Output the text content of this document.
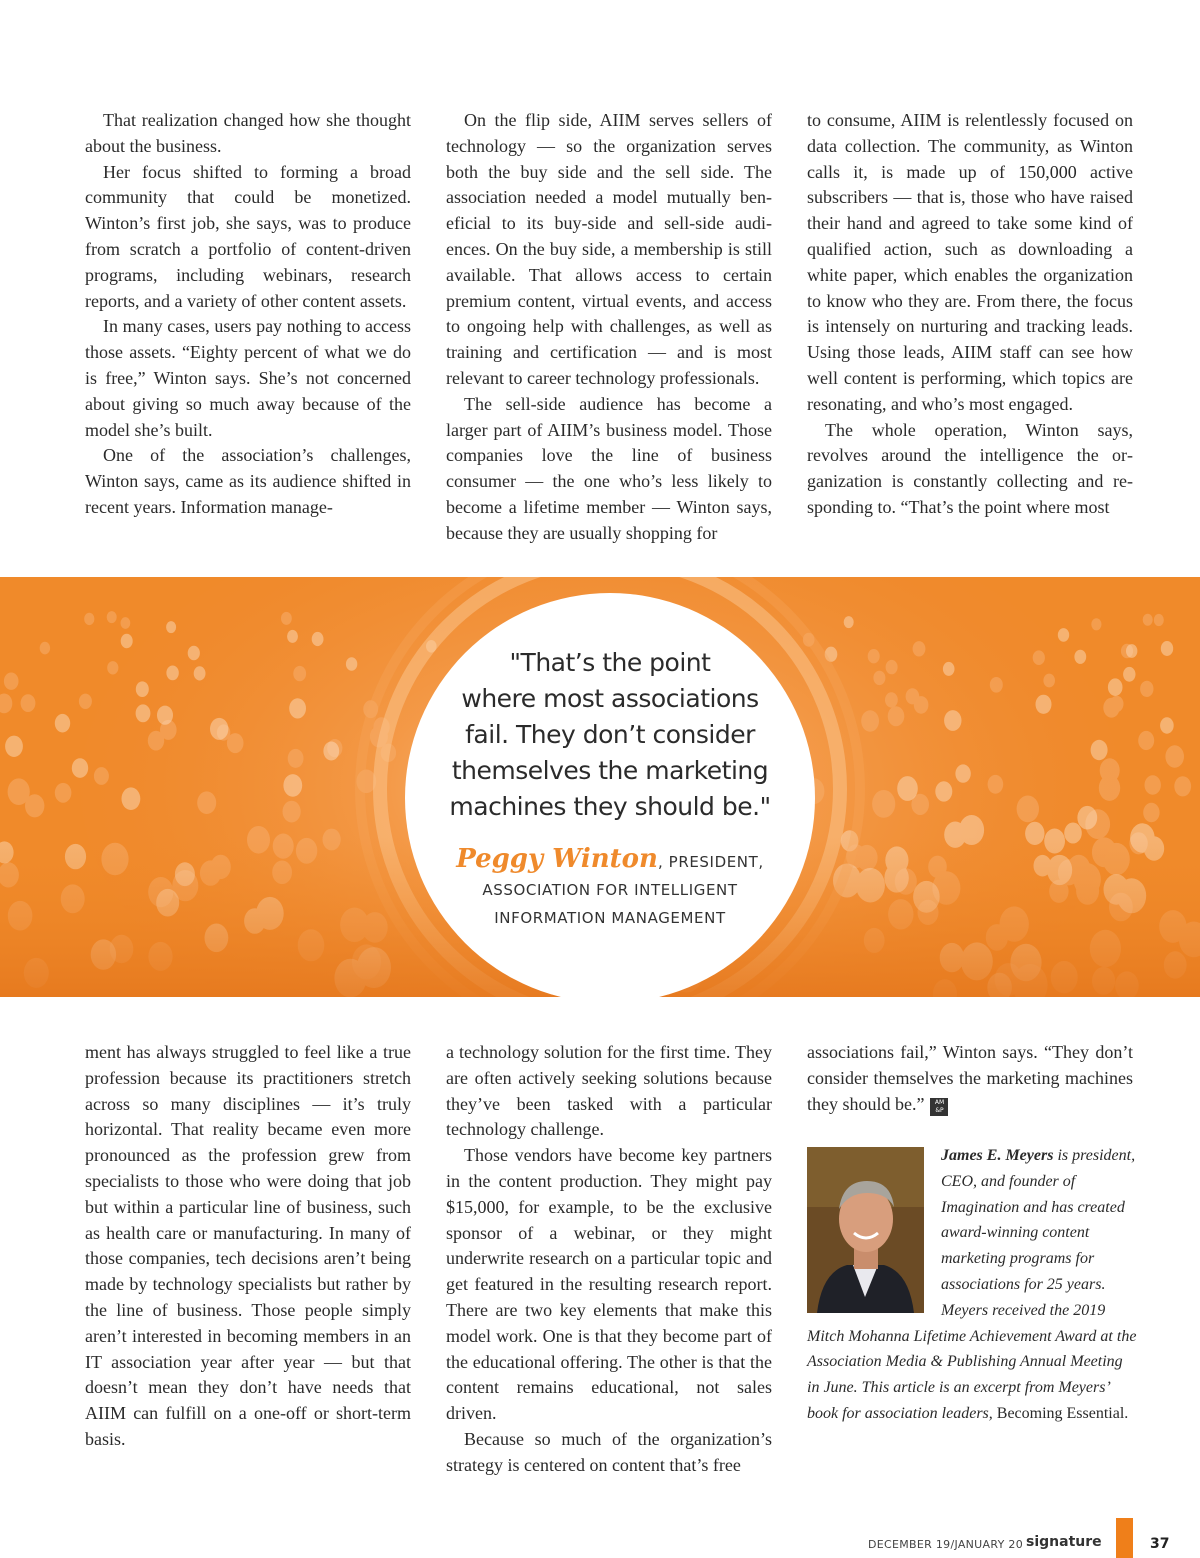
That realization changed how she thought about the business.

Her focus shifted to forming a broad community that could be monetized. Winton’s first job, she says, was to produce from scratch a portfolio of content-driven programs, including webinars, research reports, and a variety of other content assets.

In many cases, users pay nothing to access those assets. “Eighty percent of what we do is free,” Winton says. She’s not concerned about giving so much away because of the model she’s built.

One of the association’s challenges, Winton says, came as its audience shifted in recent years. Information manage-

On the flip side, AIIM serves sellers of technology — so the organization serves both the buy side and the sell side. The association needed a model mutually beneficial to its buy-side and sell-side audiences. On the buy side, a membership is still available. That allows access to certain premium content, virtual events, and access to ongoing help with challenges, as well as training and certification — and is most relevant to career technology professionals.

The sell-side audience has become a larger part of AIIM’s business model. Those companies love the line of business consumer — the one who’s less likely to become a lifetime member — Winton says, because they are usually shopping for

to consume, AIIM is relentlessly focused on data collection. The community, as Winton calls it, is made up of 150,000 active subscribers — that is, those who have raised their hand and agreed to take some kind of qualified action, such as downloading a white paper, which enables the organization to know who they are. From there, the focus is intensely on nurturing and tracking leads. Using those leads, AIIM staff can see how well content is performing, which topics are resonating, and who’s most engaged.

The whole operation, Winton says, revolves around the intelligence the organization is constantly collecting and responding to. “That’s the point where most

"That’s the point
where most associations
fail. They don’t consider
themselves the marketing
machines they should be."
Peggy Winton, PRESIDENT,
ASSOCIATION FOR INTELLIGENT
INFORMATION MANAGEMENT

ment has always struggled to feel like a true profession because its practitioners stretch across so many disciplines — it’s truly horizontal. That reality became even more pronounced as the profession grew from specialists to those who were doing that job but within a particular line of business, such as health care or manufacturing. In many of those companies, tech decisions aren’t being made by technology specialists but rather by the line of business. Those people simply aren’t interested in becoming members in an IT association year after year — but that doesn’t mean they don’t have needs that AIIM can fulfill on a one-off or short-term basis.

a technology solution for the first time. They are often actively seeking solutions because they’ve been tasked with a particular technology challenge.

Those vendors have become key partners in the content production. They might pay $15,000, for example, to be the exclusive sponsor of a webinar, or they might underwrite research on a particular topic and get featured in the resulting research report. There are two key elements that make this model work. One is that they become part of the educational offering. The other is that the content remains educational, not sales driven.

Because so much of the organization’s strategy is centered on content that’s free

associations fail,” Winton says. “They don’t consider themselves the marketing machines they should be.” AM &P

James E. Meyers is president, CEO, and founder of Imagination and has created award-winning content marketing programs for associations for 25 years. Meyers received the 2019 Mitch Mohanna Lifetime Achievement Award at the Association Media & Publishing Annual Meeting in June. This article is an excerpt from Meyers’ book for association leaders, Becoming Essential.
DECEMBER 19/JANUARY 20 signature	37
